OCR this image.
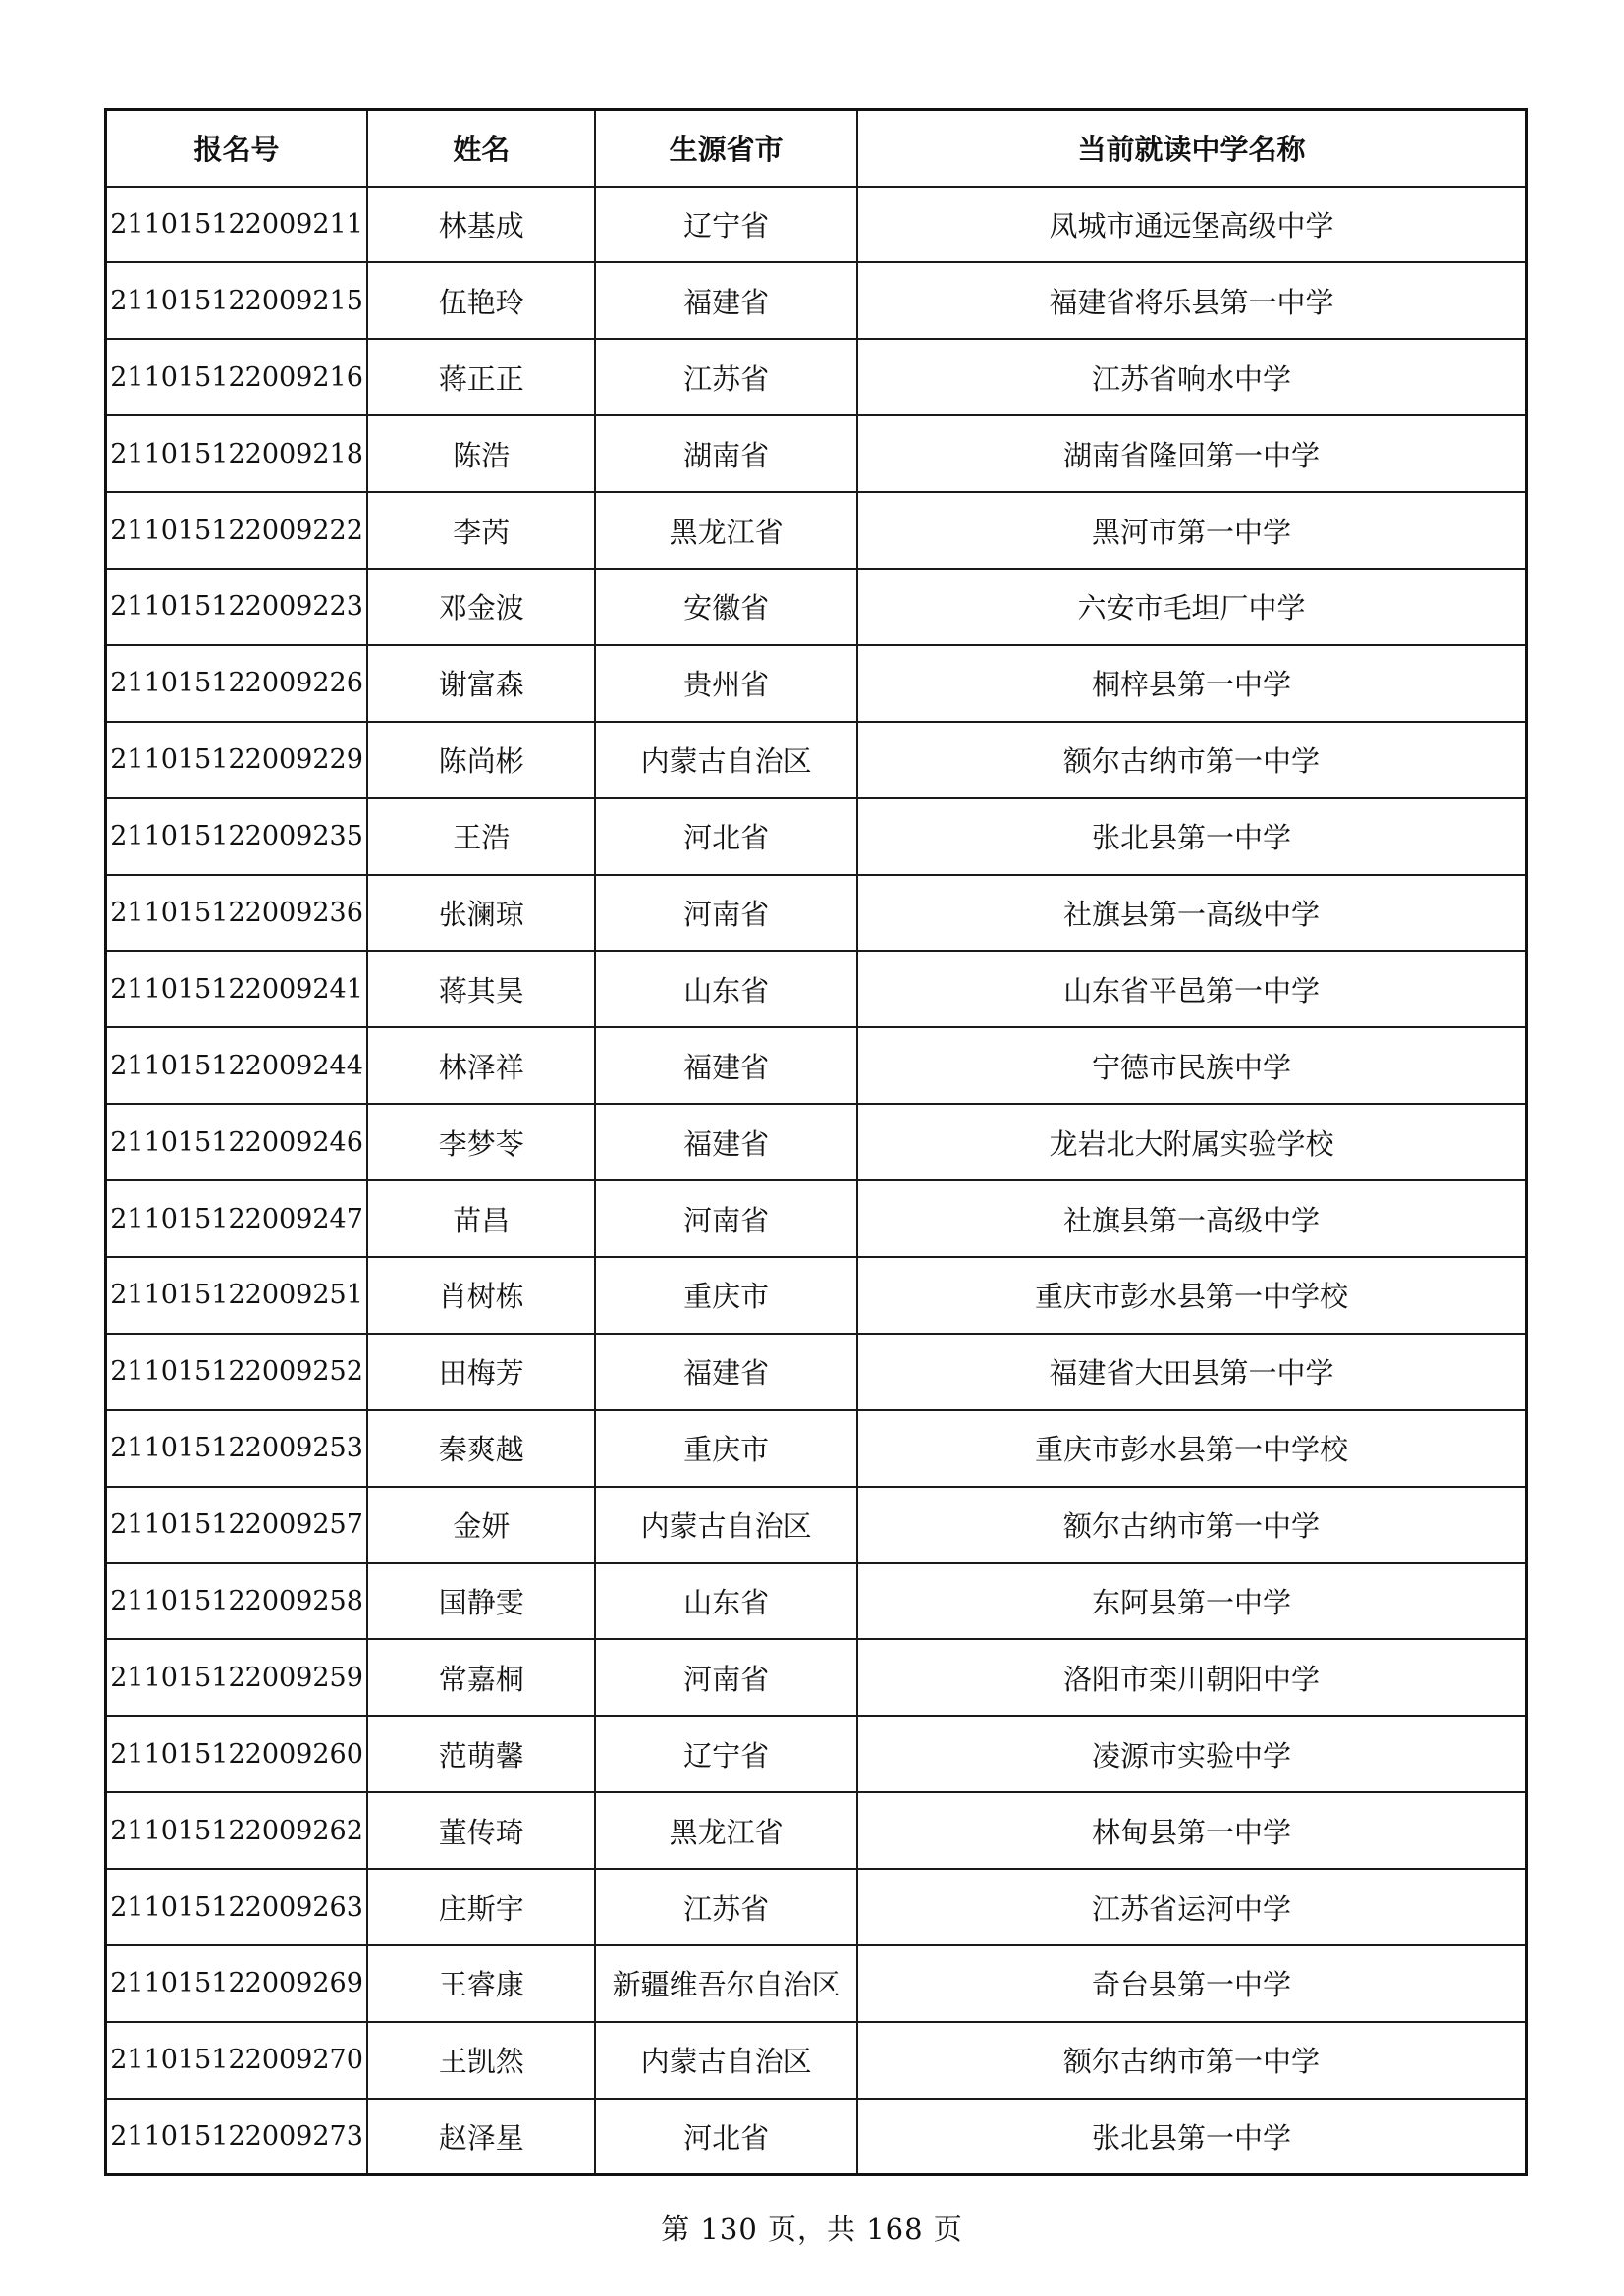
报名号	姓名	生源省市	当前就读中学名称
211015122009211	林基成	辽宁省	凤城市通远堡高级中学
211015122009215	伍艳玲	福建省	福建省将乐县第一中学
211015122009216	蒋正正	江苏省	江苏省响水中学
211015122009218	陈浩	湖南省	湖南省隆回第一中学
211015122009222	李芮	黑龙江省	黑河市第一中学
211015122009223	邓金波	安徽省	六安市毛坦厂中学
211015122009226	谢富森	贵州省	桐梓县第一中学
211015122009229	陈尚彬	内蒙古自治区	额尔古纳市第一中学
211015122009235	王浩	河北省	张北县第一中学
211015122009236	张澜琼	河南省	社旗县第一高级中学
211015122009241	蒋其昊	山东省	山东省平邑第一中学
211015122009244	林泽祥	福建省	宁德市民族中学
211015122009246	李梦苓	福建省	龙岩北大附属实验学校
211015122009247	苗昌	河南省	社旗县第一高级中学
211015122009251	肖树栋	重庆市	重庆市彭水县第一中学校
211015122009252	田梅芳	福建省	福建省大田县第一中学
211015122009253	秦爽越	重庆市	重庆市彭水县第一中学校
211015122009257	金妍	内蒙古自治区	额尔古纳市第一中学
211015122009258	国静雯	山东省	东阿县第一中学
211015122009259	常嘉桐	河南省	洛阳市栾川朝阳中学
211015122009260	范萌馨	辽宁省	凌源市实验中学
211015122009262	董传琦	黑龙江省	林甸县第一中学
211015122009263	庄斯宇	江苏省	江苏省运河中学
211015122009269	王睿康	新疆维吾尔自治区	奇台县第一中学
211015122009270	王凯然	内蒙古自治区	额尔古纳市第一中学
211015122009273	赵泽星	河北省	张北县第一中学
第 130 页，共 168 页
